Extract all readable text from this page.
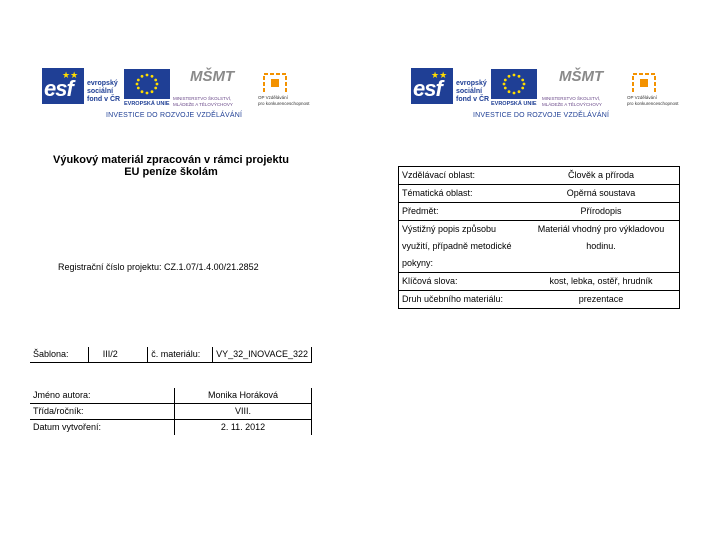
esf
★★
evropský
sociální
fond v ČR
EVROPSKÁ UNIE
MŠMT
MINISTERSTVO ŠKOLSTVÍ,
MLÁDEŽE A TĚLOVÝCHOVY
OP Vzdělávání
pro konkurenceschopnost
INVESTICE DO ROZVOJE VZDĚLÁVÁNÍ
esf
★★
evropský
sociální
fond v ČR
EVROPSKÁ UNIE
MŠMT
MINISTERSTVO ŠKOLSTVÍ,
MLÁDEŽE A TĚLOVÝCHOVY
OP Vzdělávání
pro konkurenceschopnost
INVESTICE DO ROZVOJE VZDĚLÁVÁNÍ
Výukový materiál zpracován v rámci projektu
EU peníze školám
Registrační číslo projektu: CZ.1.07/1.4.00/21.2852
Šablona:	III/2	č. materiálu:	VY_32_INOVACE_322
Jméno autora:	Monika Horáková
Třída/ročník:	VIII.
Datum vytvoření:	2. 11. 2012
Vzdělávací oblast:	Člověk a příroda
Tématická oblast:	Opěrná soustava
Předmět:	Přírodopis
Výstižný popis způsobu využití, případně metodické pokyny:
Materiál vhodný pro výkladovou hodinu.
Klíčová slova:	kost, lebka, ostěř, hrudník
Druh učebního materiálu:	prezentace
